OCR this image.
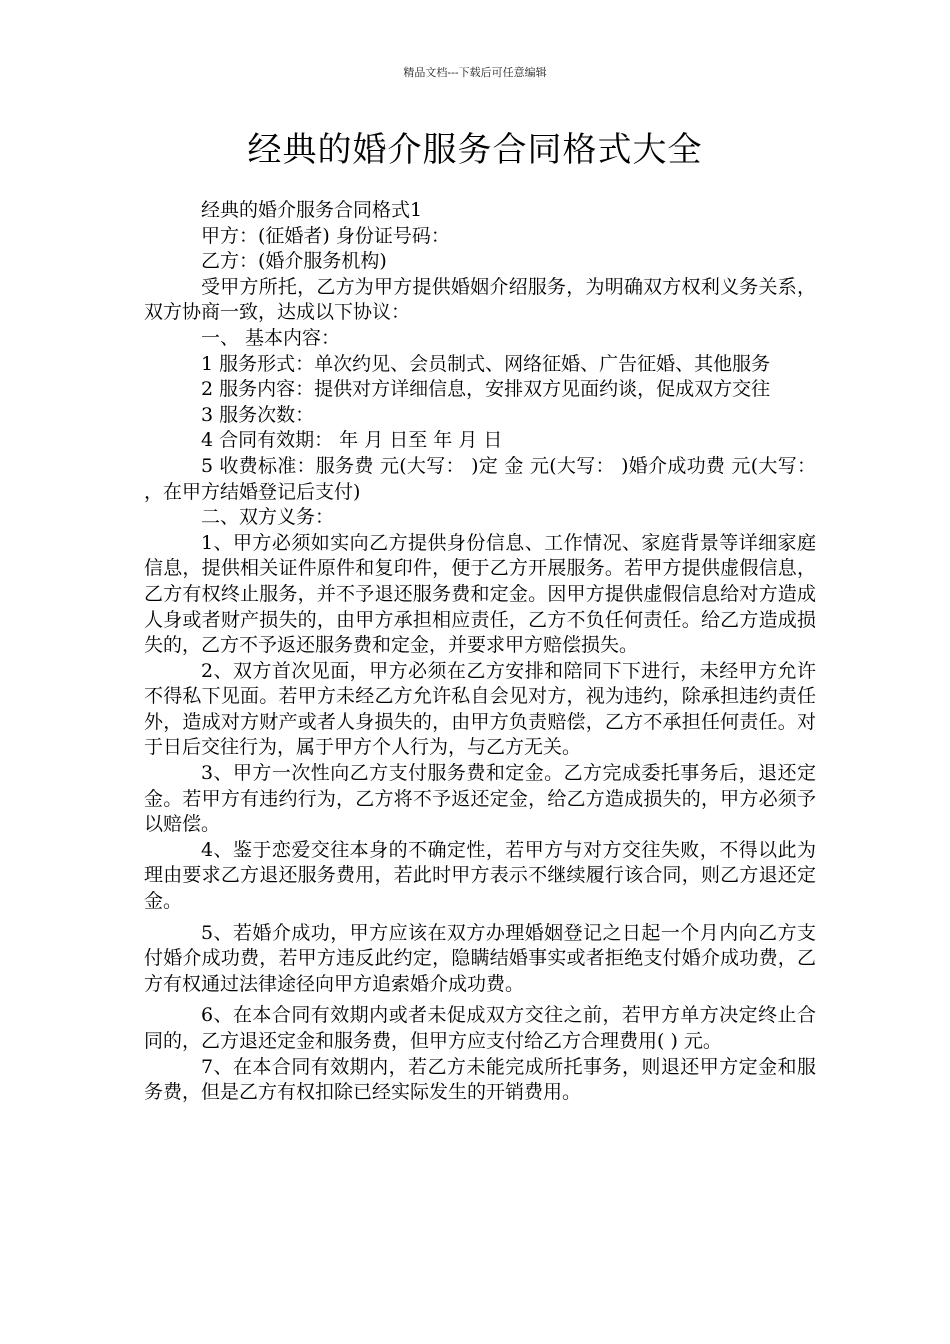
精品文档---下载后可任意编辑
经典的婚介服务合同格式大全

经典的婚介服务合同格式1

甲方：(征婚者) 身份证号码：

乙方：(婚介服务机构)

受甲方所托，乙方为甲方提供婚姻介绍服务，为明确双方权利义务关系，双方协商一致，达成以下协议：

一、 基本内容：

1 服务形式：单次约见、会员制式、网络征婚、广告征婚、其他服务

2 服务内容：提供对方详细信息，安排双方见面约谈，促成双方交往

3 服务次数：

4 合同有效期： 年 月 日至 年 月 日

5 收费标准：服务费 元(大写： )定 金 元(大写： )婚介成功费 元(大写： ，在甲方结婚登记后支付)

二、双方义务：

1、甲方必须如实向乙方提供身份信息、工作情况、家庭背景等详细家庭信息，提供相关证件原件和复印件，便于乙方开展服务。若甲方提供虚假信息，乙方有权终止服务，并不予退还服务费和定金。因甲方提供虚假信息给对方造成人身或者财产损失的，由甲方承担相应责任，乙方不负任何责任。给乙方造成损失的，乙方不予返还服务费和定金，并要求甲方赔偿损失。

2、双方首次见面，甲方必须在乙方安排和陪同下下进行，未经甲方允许不得私下见面。若甲方未经乙方允许私自会见对方，视为违约，除承担违约责任外，造成对方财产或者人身损失的，由甲方负责赔偿，乙方不承担任何责任。对于日后交往行为，属于甲方个人行为，与乙方无关。

3、甲方一次性向乙方支付服务费和定金。乙方完成委托事务后，退还定金。若甲方有违约行为，乙方将不予返还定金，给乙方造成损失的，甲方必须予以赔偿。

4、鉴于恋爱交往本身的不确定性，若甲方与对方交往失败，不得以此为理由要求乙方退还服务费用，若此时甲方表示不继续履行该合同，则乙方退还定金。

5、若婚介成功，甲方应该在双方办理婚姻登记之日起一个月内向乙方支付婚介成功费，若甲方违反此约定，隐瞒结婚事实或者拒绝支付婚介成功费，乙方有权通过法律途径向甲方追索婚介成功费。

6、在本合同有效期内或者未促成双方交往之前，若甲方单方决定终止合同的，乙方退还定金和服务费，但甲方应支付给乙方合理费用( ) 元。

7、在本合同有效期内，若乙方未能完成所托事务，则退还甲方定金和服务费，但是乙方有权扣除已经实际发生的开销费用。
